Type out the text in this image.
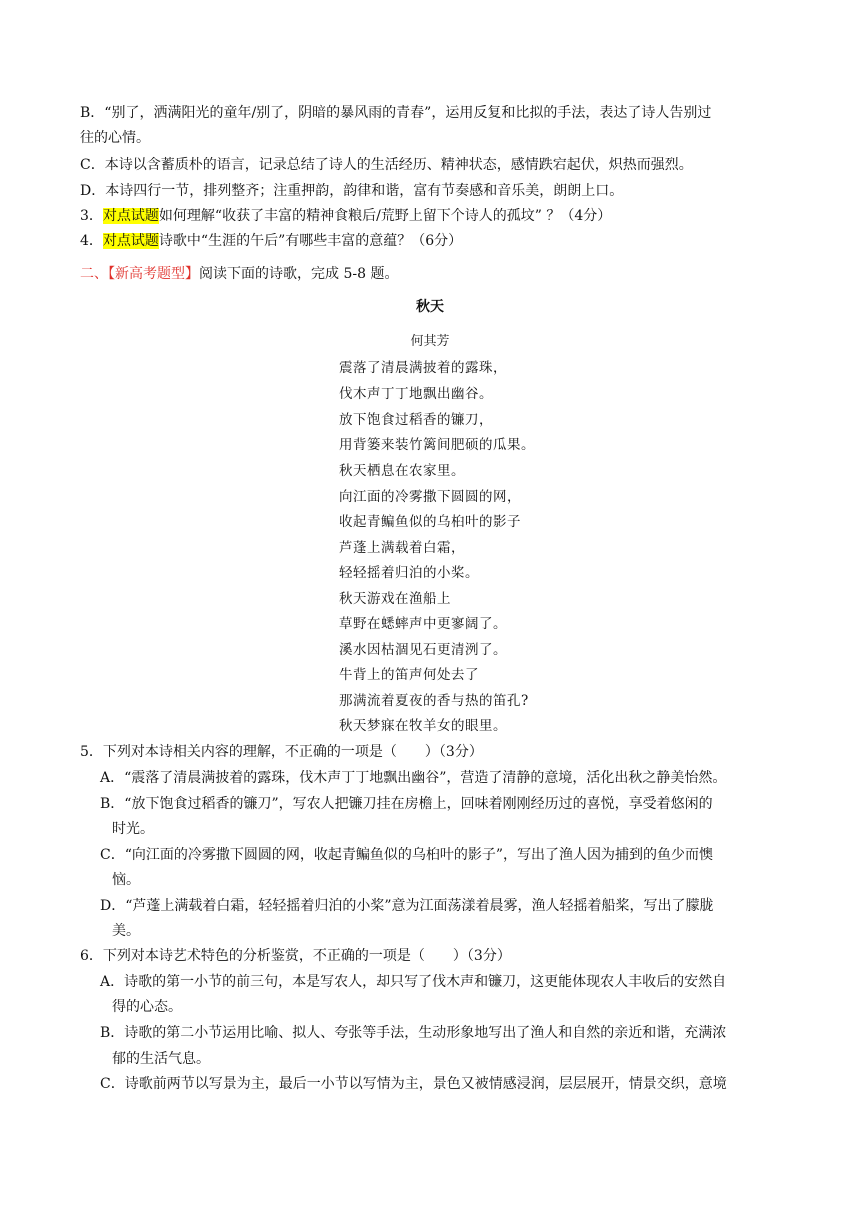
B．“别了，洒满阳光的童年/别了，阴暗的暴风雨的青春”，运用反复和比拟的手法，表达了诗人告别过
往的心情。
C．本诗以含蓄质朴的语言，记录总结了诗人的生活经历、精神状态，感情跌宕起伏，炽热而强烈。
D．本诗四行一节，排列整齐；注重押韵，韵律和谐，富有节奏感和音乐美，朗朗上口。
3．对点试题如何理解“收获了丰富的精神食粮后/荒野上留下个诗人的孤坟” ？（4分）
4．对点试题诗歌中“生涯的午后”有哪些丰富的意蕴？（6分）
二、【新高考题型】阅读下面的诗歌，完成 5-8 题。
秋天
何其芳
震落了清晨满披着的露珠，
伐木声丁丁地飘出幽谷。
放下饱食过稻香的镰刀，
用背篓来装竹篱间肥硕的瓜果。
秋天栖息在农家里。
向江面的冷雾撒下圆圆的网，
收起青鳊鱼似的乌桕叶的影子
芦蓬上满载着白霜，
轻轻摇着归泊的小桨。
秋天游戏在渔船上
草野在蟋蟀声中更寥阔了。
溪水因枯涸见石更清洌了。
牛背上的笛声何处去了
那满流着夏夜的香与热的笛孔?
秋天梦寐在牧羊女的眼里。
5．下列对本诗相关内容的理解，不正确的一项是（　　）（3分）
A．“震落了清晨满披着的露珠，伐木声丁丁地飘出幽谷”，营造了清静的意境，活化出秋之静美怡然。
B．“放下饱食过稻香的镰刀”，写农人把镰刀挂在房檐上，回味着刚刚经历过的喜悦，享受着悠闲的
时光。
C．“向江面的冷雾撒下圆圆的网，收起青鳊鱼似的乌桕叶的影子”，写出了渔人因为捕到的鱼少而懊
恼。
D．“芦蓬上满载着白霜，轻轻摇着归泊的小桨”意为江面荡漾着晨雾，渔人轻摇着船桨，写出了朦胧
美。
6．下列对本诗艺术特色的分析鉴赏，不正确的一项是（　　）（3分）
A．诗歌的第一小节的前三句，本是写农人，却只写了伐木声和镰刀，这更能体现农人丰收后的安然自
得的心态。
B．诗歌的第二小节运用比喻、拟人、夸张等手法，生动形象地写出了渔人和自然的亲近和谐，充满浓
郁的生活气息。
C．诗歌前两节以写景为主，最后一小节以写情为主，景色又被情感浸润，层层展开，情景交织，意境
